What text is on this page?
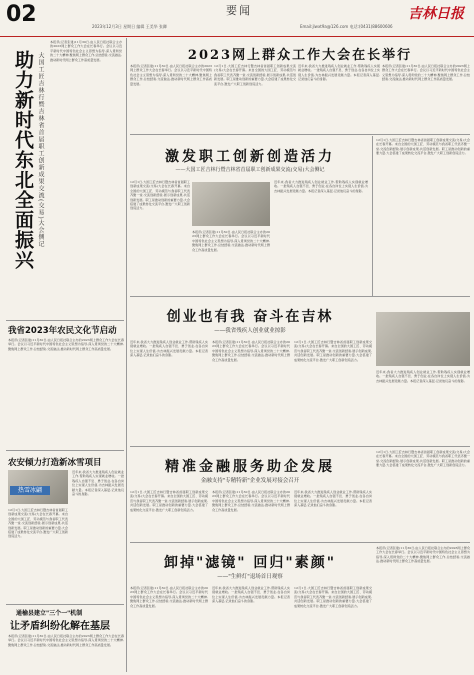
02	要闻
2023年12月3日 星期日 编辑 王美华 张卿	Email:jlwxt9a@126.com 电话:(0431)88600606
吉林日报
助力新时代东北全面振兴 大国工匠吉林行暨吉林省首届职工创新成果交流(交易)大会侧记
本报讯(记者张建)11月30日,由人民日报社联合主办的2023网上群众工作大会在长春举行。会议以习近平新时代中国特色社会主义思想为指导,深入贯彻党的二十大精神,聚焦网上群众工作,总结经验,交流做法,推动新时代网上群众工作高质量发展。
我省2023年农民文化节启动
本报讯(记者张建)11月30日,由人民日报社联合主办的2023网上群众工作大会在长春举行。会议以习近平新时代中国特色社会主义思想为指导,深入贯彻党的二十大精神,聚焦网上群众工作,总结经验,交流做法,推动新时代网上群众工作高质量发展。
农安倾力打造新冰雪项目
热雪冰翩
近年来,我省大力推进残疾人创业就业工作,帮助残疾人实现就业增收。一批残疾人自强不息、勇于创业,在各自岗位上实现人生价值,为吉林振兴发展贡献力量。本报记者深入基层,记录他们奋斗的身影。
12月1日,大国工匠吉林行暨吉林省首届职工创新成果交流(交易)大会在长春开幕。来自全国的大国工匠、劳动模范与我省职工代表齐聚一堂,交流创新经验,展示创新成果,共话创新发展。职工是推动创新的重要力量,大会搭建了成果转化交流平台,激发广大职工创新创造活力。
通榆县建立"三个一"机制
让矛盾纠纷化解在基层
本报讯(记者张建)11月30日,由人民日报社联合主办的2023网上群众工作大会在长春举行。会议以习近平新时代中国特色社会主义思想为指导,深入贯彻党的二十大精神,聚焦网上群众工作,总结经验,交流做法,推动新时代网上群众工作高质量发展。
2023网上群众工作大会在长举行
本报讯(记者张建)11月30日,由人民日报社联合主办的2023网上群众工作大会在长春举行。会议以习近平新时代中国特色社会主义思想为指导,深入贯彻党的二十大精神,聚焦网上群众工作,总结经验,交流做法,推动新时代网上群众工作高质量发展。
12月1日,大国工匠吉林行暨吉林省首届职工创新成果交流(交易)大会在长春开幕。来自全国的大国工匠、劳动模范与我省职工代表齐聚一堂,交流创新经验,展示创新成果,共话创新发展。职工是推动创新的重要力量,大会搭建了成果转化交流平台,激发广大职工创新创造活力。
近年来,我省大力推进残疾人创业就业工作,帮助残疾人实现就业增收。一批残疾人自强不息、勇于创业,在各自岗位上实现人生价值,为吉林振兴发展贡献力量。本报记者深入基层,记录他们奋斗的身影。
本报讯(记者张建)11月30日,由人民日报社联合主办的2023网上群众工作大会在长春举行。会议以习近平新时代中国特色社会主义思想为指导,深入贯彻党的二十大精神,聚焦网上群众工作,总结经验,交流做法,推动新时代网上群众工作高质量发展。
激发职工创新创造活力
——大国工匠吉林行暨吉林省首届职工创新成果交流(交易)大会侧记
12月1日,大国工匠吉林行暨吉林省首届职工创新成果交流(交易)大会在长春开幕。来自全国的大国工匠、劳动模范与我省职工代表齐聚一堂,交流创新经验,展示创新成果,共话创新发展。职工是推动创新的重要力量,大会搭建了成果转化交流平台,激发广大职工创新创造活力。
本报讯(记者张建)11月30日,由人民日报社联合主办的2023网上群众工作大会在长春举行。会议以习近平新时代中国特色社会主义思想为指导,深入贯彻党的二十大精神,聚焦网上群众工作,总结经验,交流做法,推动新时代网上群众工作高质量发展。
近年来,我省大力推进残疾人创业就业工作,帮助残疾人实现就业增收。一批残疾人自强不息、勇于创业,在各自岗位上实现人生价值,为吉林振兴发展贡献力量。本报记者深入基层,记录他们奋斗的身影。
12月1日,大国工匠吉林行暨吉林省首届职工创新成果交流(交易)大会在长春开幕。来自全国的大国工匠、劳动模范与我省职工代表齐聚一堂,交流创新经验,展示创新成果,共话创新发展。职工是推动创新的重要力量,大会搭建了成果转化交流平台,激发广大职工创新创造活力。
创业也有我 奋斗在吉林
——我省残疾人创业就业掠影
近年来,我省大力推进残疾人创业就业工作,帮助残疾人实现就业增收。一批残疾人自强不息、勇于创业,在各自岗位上实现人生价值,为吉林振兴发展贡献力量。本报记者深入基层,记录他们奋斗的身影。
本报讯(记者张建)11月30日,由人民日报社联合主办的2023网上群众工作大会在长春举行。会议以习近平新时代中国特色社会主义思想为指导,深入贯彻党的二十大精神,聚焦网上群众工作,总结经验,交流做法,推动新时代网上群众工作高质量发展。
12月1日,大国工匠吉林行暨吉林省首届职工创新成果交流(交易)大会在长春开幕。来自全国的大国工匠、劳动模范与我省职工代表齐聚一堂,交流创新经验,展示创新成果,共话创新发展。职工是推动创新的重要力量,大会搭建了成果转化交流平台,激发广大职工创新创造活力。
近年来,我省大力推进残疾人创业就业工作,帮助残疾人实现就业增收。一批残疾人自强不息、勇于创业,在各自岗位上实现人生价值,为吉林振兴发展贡献力量。本报记者深入基层,记录他们奋斗的身影。
精准金融服务助企发展
金融支持"专精特新"企业发展对接会召开
12月1日,大国工匠吉林行暨吉林省首届职工创新成果交流(交易)大会在长春开幕。来自全国的大国工匠、劳动模范与我省职工代表齐聚一堂,交流创新经验,展示创新成果,共话创新发展。职工是推动创新的重要力量,大会搭建了成果转化交流平台,激发广大职工创新创造活力。
本报讯(记者张建)11月30日,由人民日报社联合主办的2023网上群众工作大会在长春举行。会议以习近平新时代中国特色社会主义思想为指导,深入贯彻党的二十大精神,聚焦网上群众工作,总结经验,交流做法,推动新时代网上群众工作高质量发展。
近年来,我省大力推进残疾人创业就业工作,帮助残疾人实现就业增收。一批残疾人自强不息、勇于创业,在各自岗位上实现人生价值,为吉林振兴发展贡献力量。本报记者深入基层,记录他们奋斗的身影。
12月1日,大国工匠吉林行暨吉林省首届职工创新成果交流(交易)大会在长春开幕。来自全国的大国工匠、劳动模范与我省职工代表齐聚一堂,交流创新经验,展示创新成果,共话创新发展。职工是推动创新的重要力量,大会搭建了成果转化交流平台,激发广大职工创新创造活力。
卸掉"滤镜" 回归"素颜"
——"生鲜灯"退场首日观察
本报讯(记者张建)11月30日,由人民日报社联合主办的2023网上群众工作大会在长春举行。会议以习近平新时代中国特色社会主义思想为指导,深入贯彻党的二十大精神,聚焦网上群众工作,总结经验,交流做法,推动新时代网上群众工作高质量发展。
近年来,我省大力推进残疾人创业就业工作,帮助残疾人实现就业增收。一批残疾人自强不息、勇于创业,在各自岗位上实现人生价值,为吉林振兴发展贡献力量。本报记者深入基层,记录他们奋斗的身影。
12月1日,大国工匠吉林行暨吉林省首届职工创新成果交流(交易)大会在长春开幕。来自全国的大国工匠、劳动模范与我省职工代表齐聚一堂,交流创新经验,展示创新成果,共话创新发展。职工是推动创新的重要力量,大会搭建了成果转化交流平台,激发广大职工创新创造活力。
本报讯(记者张建)11月30日,由人民日报社联合主办的2023网上群众工作大会在长春举行。会议以习近平新时代中国特色社会主义思想为指导,深入贯彻党的二十大精神,聚焦网上群众工作,总结经验,交流做法,推动新时代网上群众工作高质量发展。
